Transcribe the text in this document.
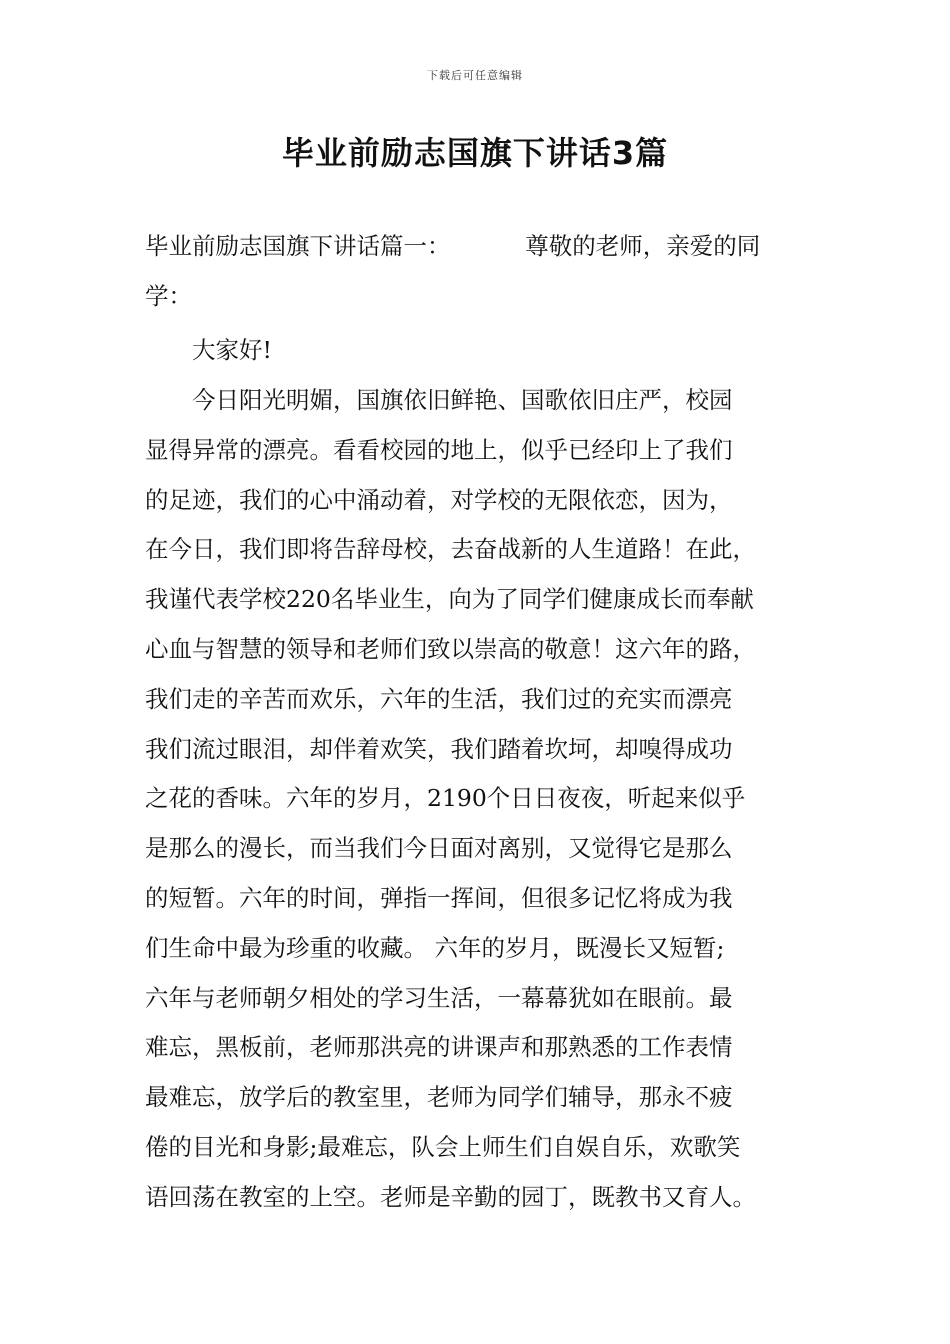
下载后可任意编辑
毕业前励志国旗下讲话3篇
毕业前励志国旗下讲话篇一：          尊敬的老师，亲爱的同
学：
　　大家好!
　　今日阳光明媚，国旗依旧鲜艳、国歌依旧庄严，校园
显得异常的漂亮。看看校园的地上，似乎已经印上了我们
的足迹，我们的心中涌动着，对学校的无限依恋，因为，
在今日，我们即将告辞母校，去奋战新的人生道路！在此，
我谨代表学校220名毕业生，向为了同学们健康成长而奉献
心血与智慧的领导和老师们致以崇高的敬意！这六年的路，
我们走的辛苦而欢乐，六年的生活，我们过的充实而漂亮
我们流过眼泪，却伴着欢笑，我们踏着坎坷，却嗅得成功
之花的香味。六年的岁月，2190个日日夜夜，听起来似乎
是那么的漫长，而当我们今日面对离别，又觉得它是那么
的短暂。六年的时间，弹指一挥间，但很多记忆将成为我
们生命中最为珍重的收藏。 六年的岁月，既漫长又短暂;
六年与老师朝夕相处的学习生活，一幕幕犹如在眼前。最
难忘，黑板前，老师那洪亮的讲课声和那熟悉的工作表情
最难忘，放学后的教室里，老师为同学们辅导，那永不疲
倦的目光和身影;最难忘，队会上师生们自娱自乐，欢歌笑
语回荡在教室的上空。老师是辛勤的园丁，既教书又育人。
